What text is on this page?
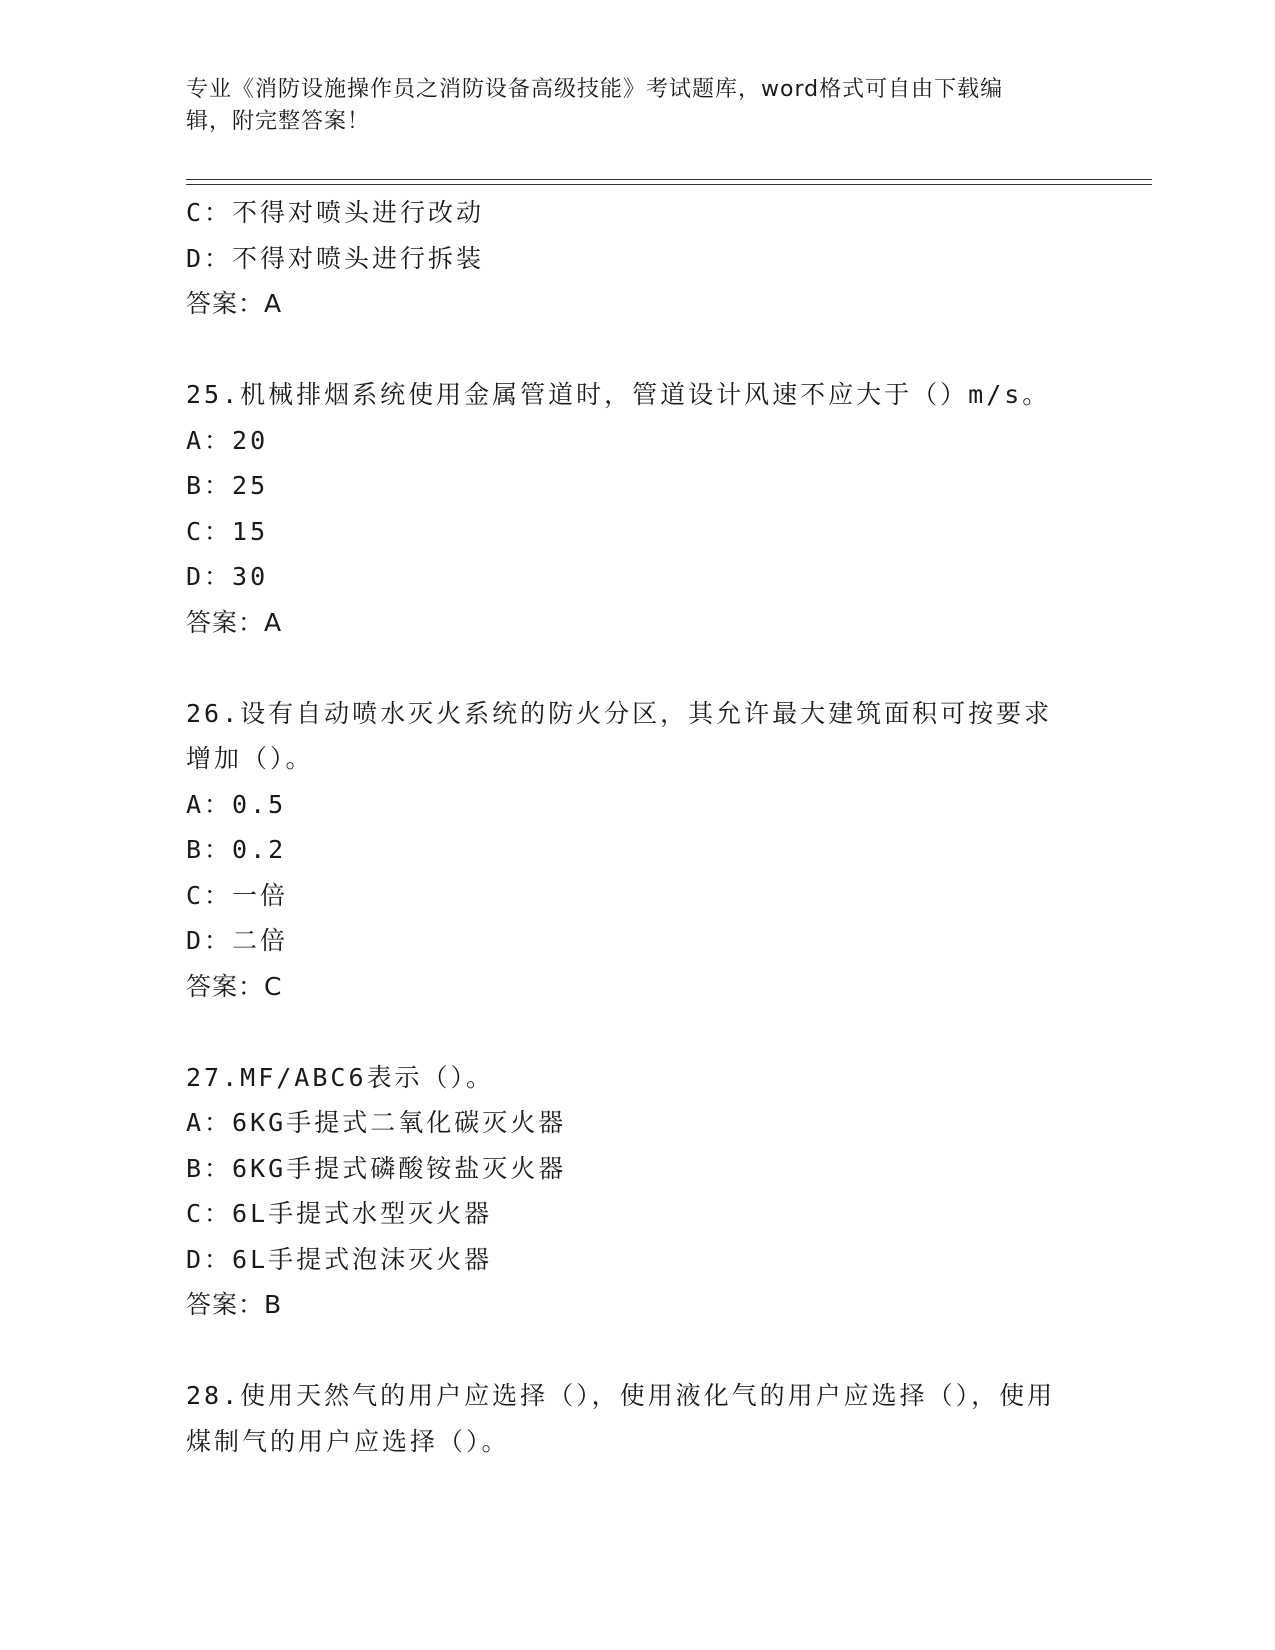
专业《消防设施操作员之消防设备高级技能》考试题库，word格式可自由下载编
辑，附完整答案！
C：不得对喷头进行改动
D：不得对喷头进行拆装
答案：A
25.机械排烟系统使用金属管道时，管道设计风速不应大于（）m/s。
A：20
B：25
C：15
D：30
答案：A
26.设有自动喷水灭火系统的防火分区，其允许最大建筑面积可按要求增加（）。
A：0.5
B：0.2
C：一倍
D：二倍
答案：C
27.MF/ABC6表示（）。
A：6KG手提式二氧化碳灭火器
B：6KG手提式磷酸铵盐灭火器
C：6L手提式水型灭火器
D：6L手提式泡沫灭火器
答案：B
28.使用天然气的用户应选择（），使用液化气的用户应选择（），使用煤制气的用户应选择（）。
